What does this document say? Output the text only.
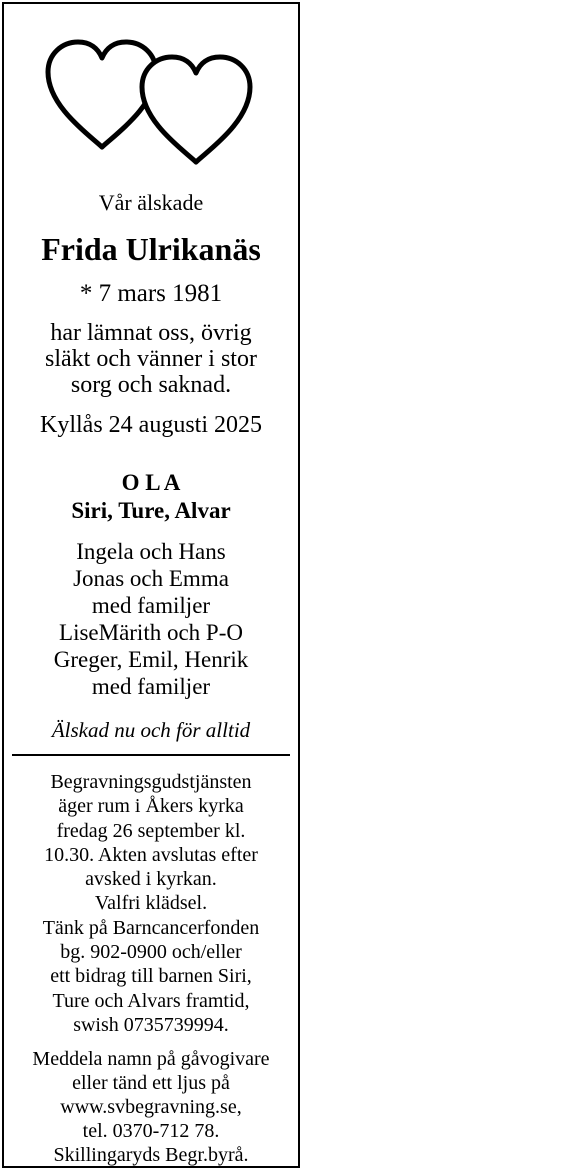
Vår älskade
Frida Ulrikanäs
* 7 mars 1981
har lämnat oss, övrig
släkt och vänner i stor
sorg och saknad.
Kyllås 24 augusti 2025
O L A
Siri, Ture, Alvar
Ingela och Hans
Jonas och Emma
med familjer
LiseMärith och P-O
Greger, Emil, Henrik
med familjer
Älskad nu och för alltid
Begravningsgudstjänsten
äger rum i Åkers kyrka
fredag 26 september kl.
10.30. Akten avslutas efter
avsked i kyrkan.
Valfri klädsel.
Tänk på Barncancerfonden
bg. 902-0900 och/eller
ett bidrag till barnen Siri,
Ture och Alvars framtid,
swish 0735739994.
Meddela namn på gåvogivare
eller tänd ett ljus på
www.svbegravning.se,
tel. 0370-712 78.
Skillingaryds Begr.byrå.
